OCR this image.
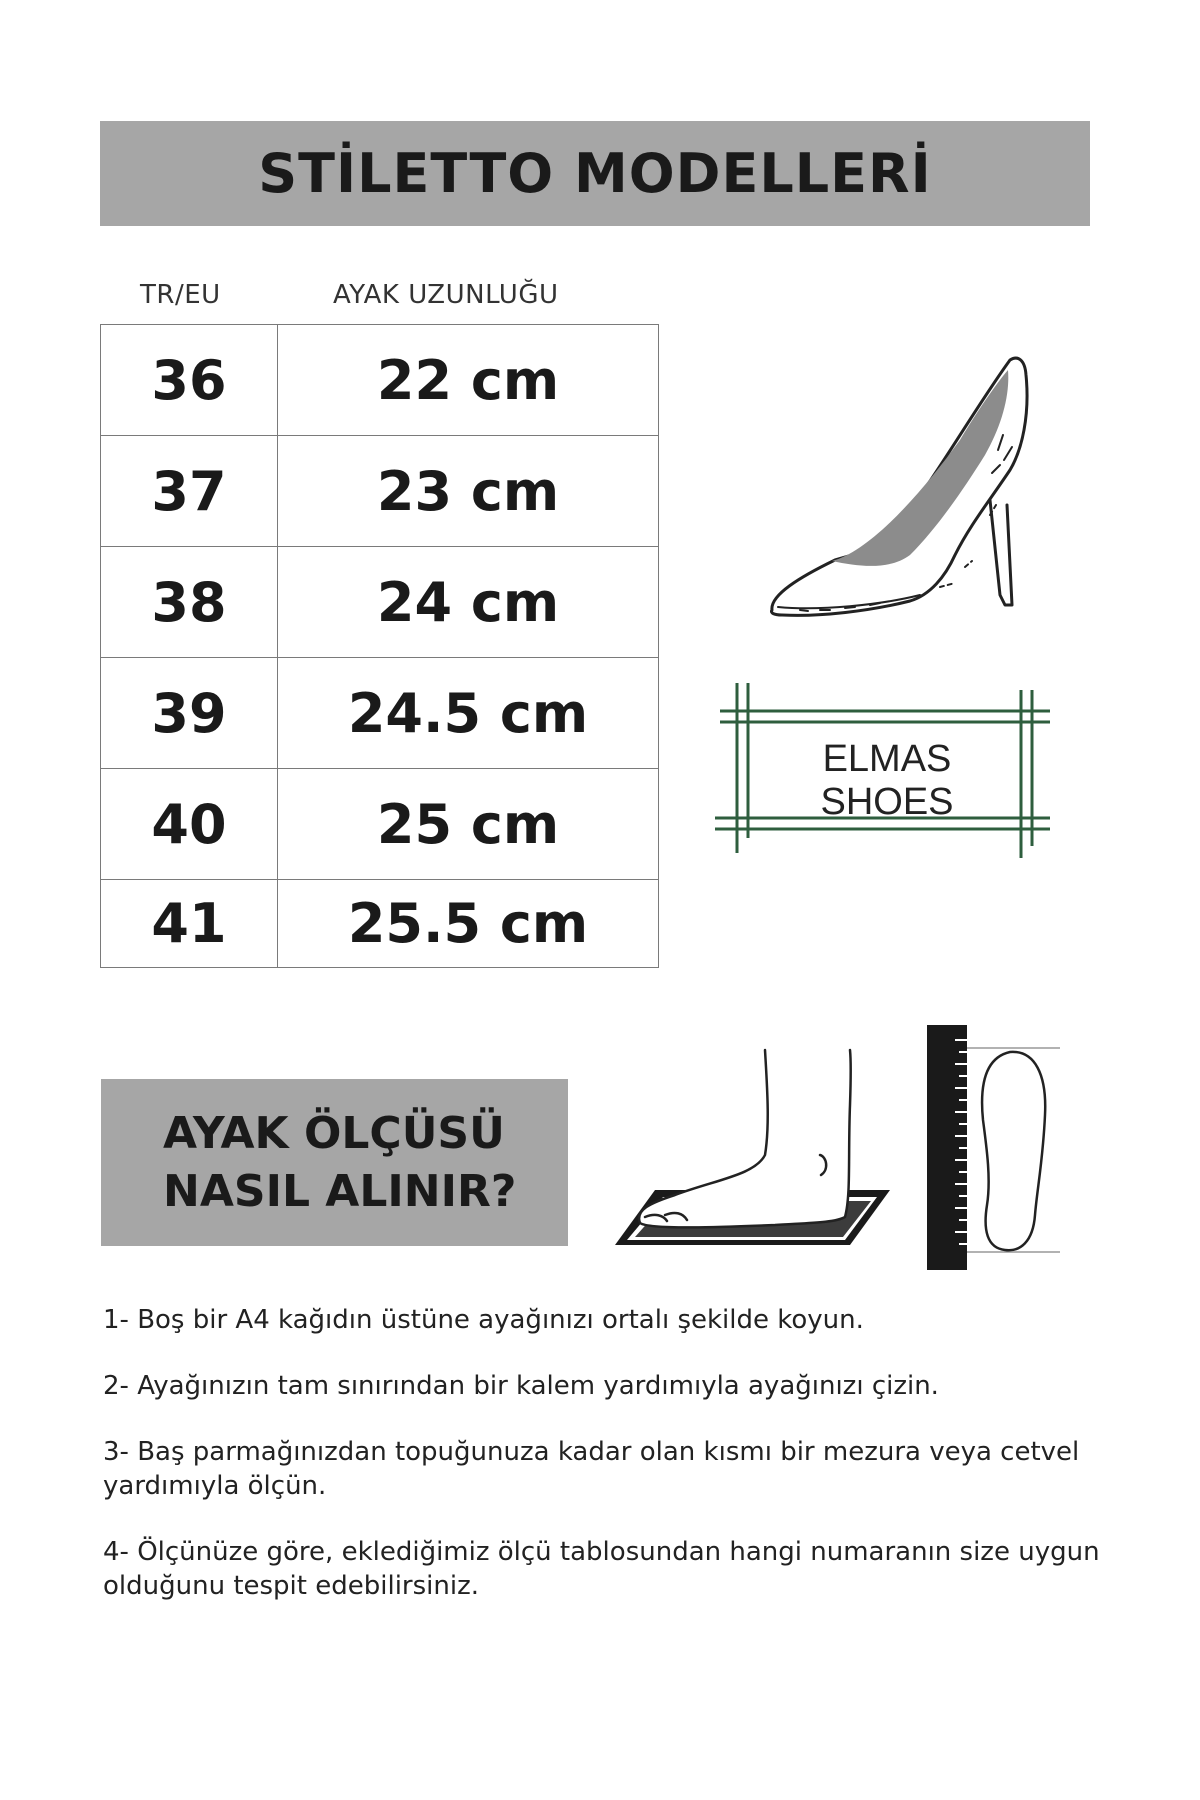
STİLETTO MODELLERİ
TR/EU	AYAK UZUNLUĞU
36	22 cm
37	23 cm
38	24 cm
39	24.5 cm
40	25 cm
41	25.5 cm
ELMAS SHOES
AYAK ÖLÇÜSÜ
NASIL ALINIR?

1- Boş bir A4 kağıdın üstüne ayağınızı ortalı şekilde koyun.

2- Ayağınızın tam sınırından bir kalem yardımıyla ayağınızı çizin.

3- Baş parmağınızdan topuğunuza kadar olan kısmı bir mezura veya cetvel yardımıyla ölçün.

4- Ölçünüze göre, eklediğimiz ölçü tablosundan hangi numaranın size uygun olduğunu tespit edebilirsiniz.
